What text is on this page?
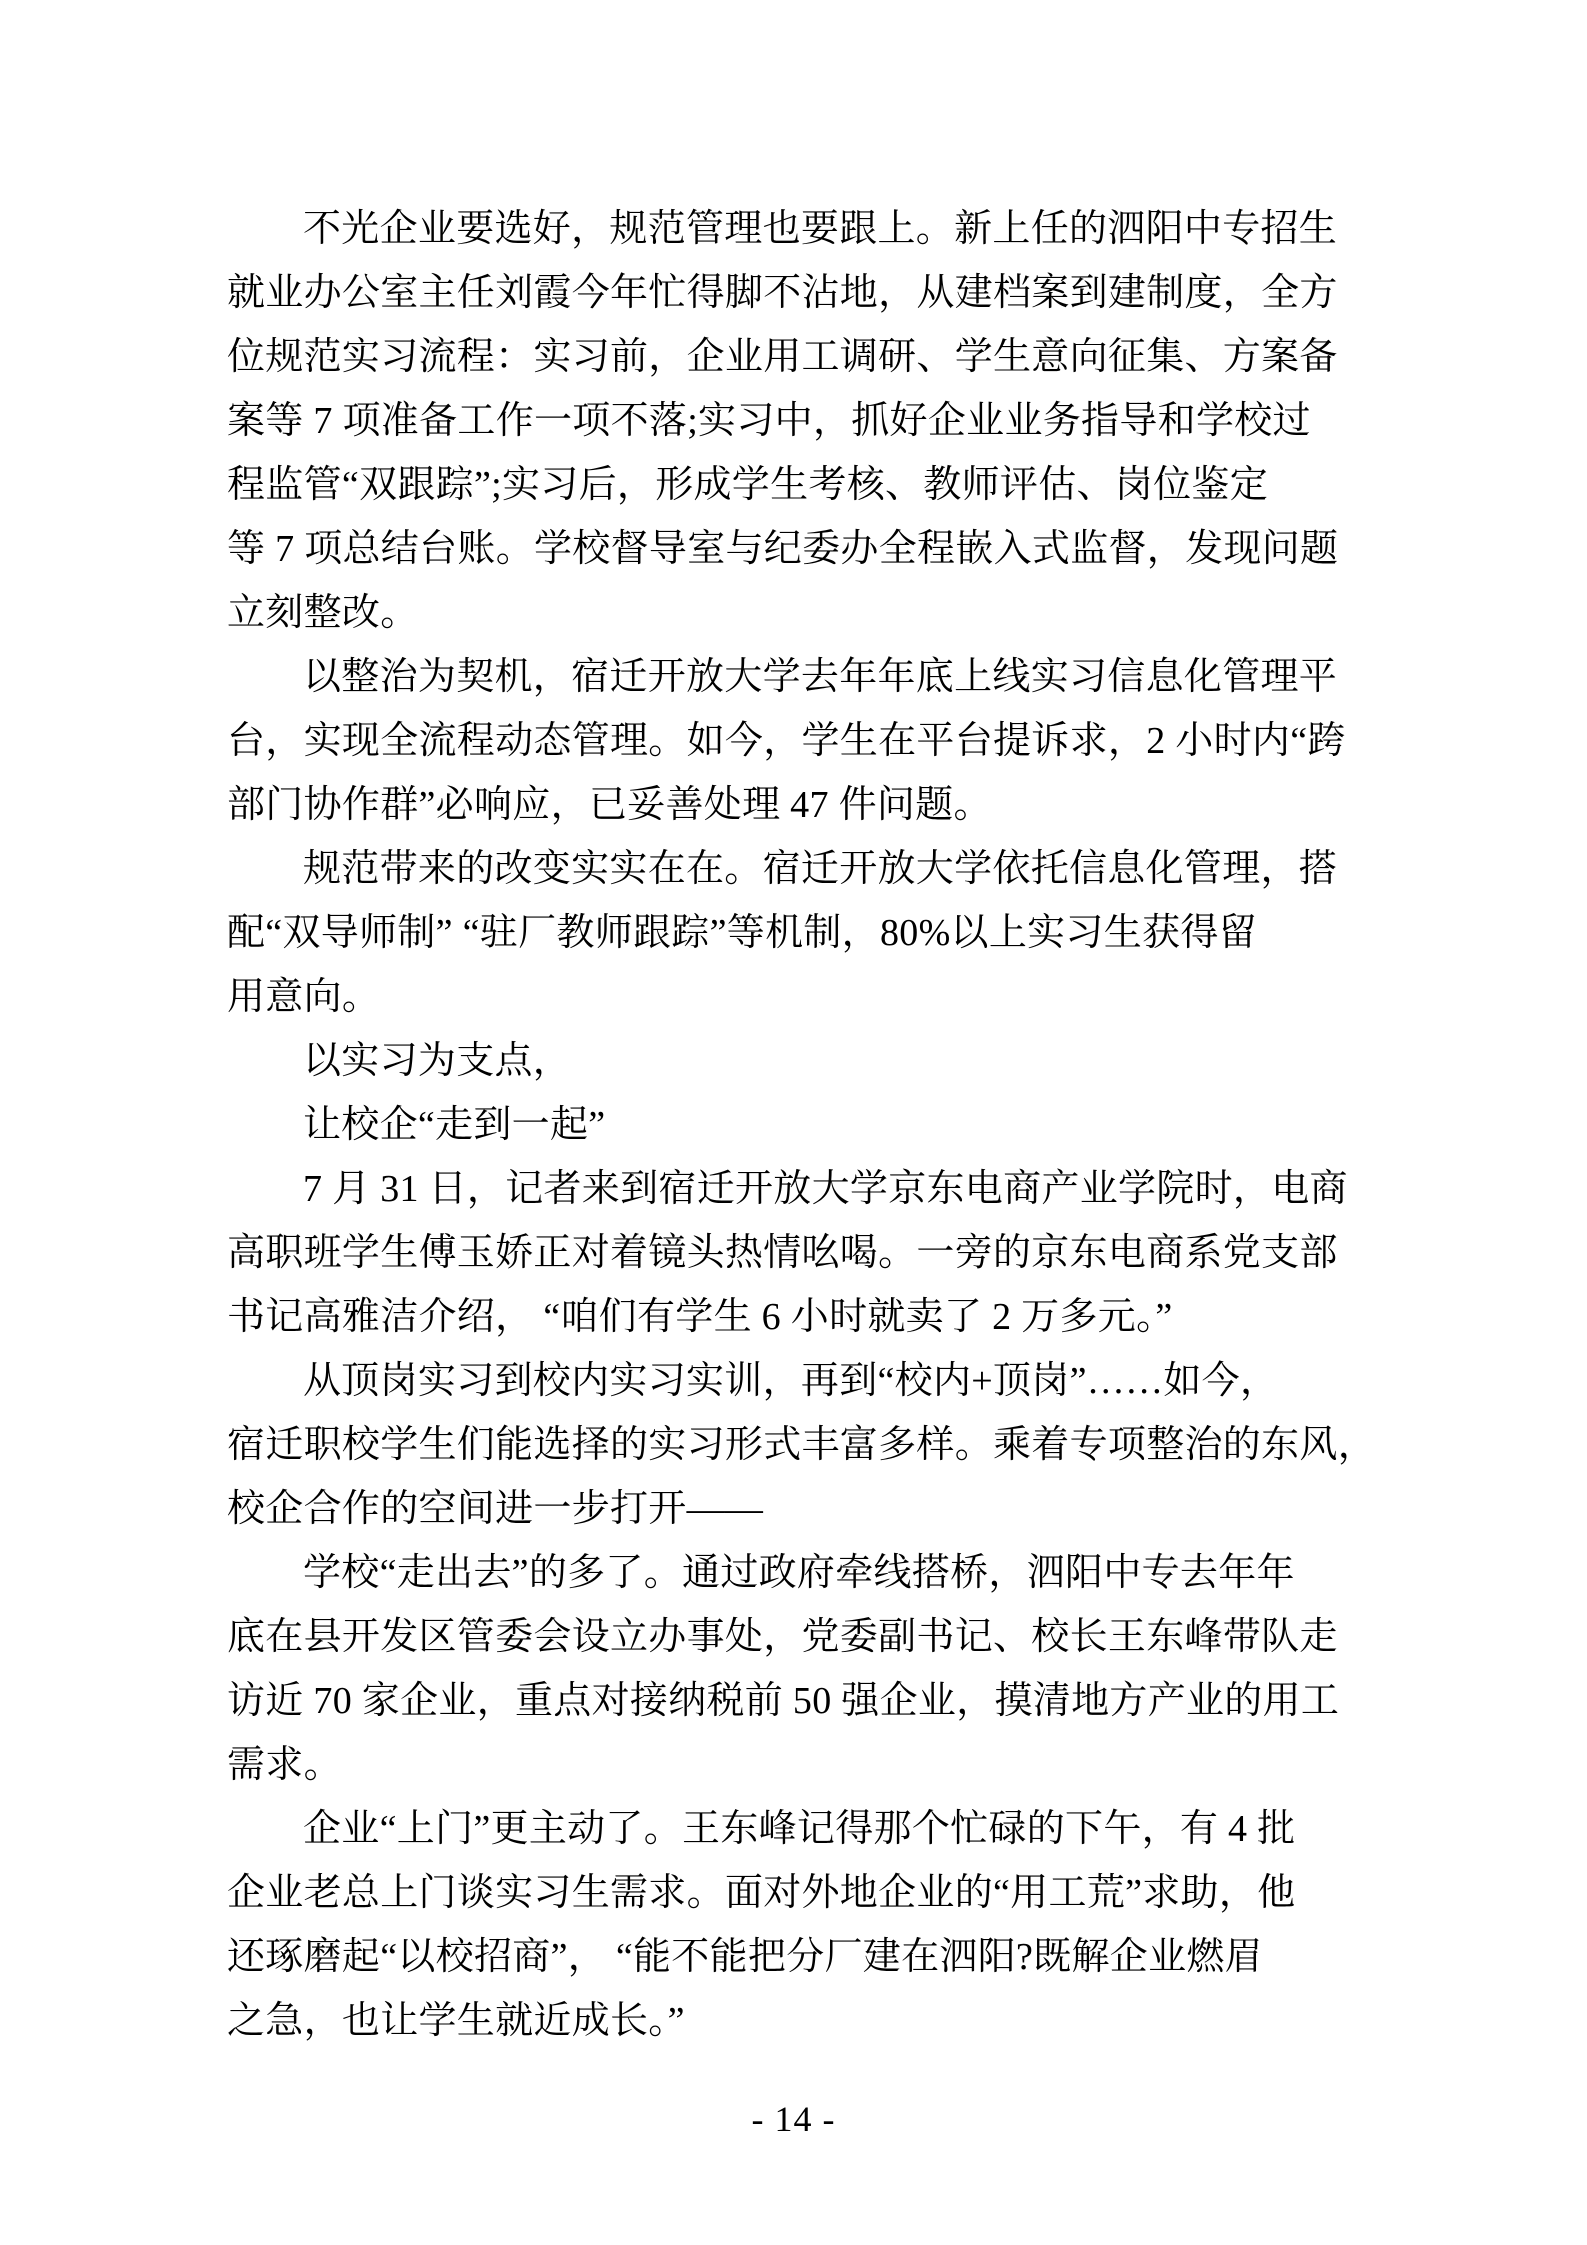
不光企业要选好，规范管理也要跟上。新上任的泗阳中专招生

就业办公室主任刘霞今年忙得脚不沾地，从建档案到建制度，全方

位规范实习流程：实习前，企业用工调研、学生意向征集、方案备

案等 7 项准备工作一项不落;实习中，抓好企业业务指导和学校过

程监管“双跟踪”;实习后，形成学生考核、教师评估、岗位鉴定

等 7 项总结台账。学校督导室与纪委办全程嵌入式监督，发现问题

立刻整改。

以整治为契机，宿迁开放大学去年年底上线实习信息化管理平

台，实现全流程动态管理。如今，学生在平台提诉求，2 小时内“跨

部门协作群”必响应，已妥善处理 47 件问题。

规范带来的改变实实在在。宿迁开放大学依托信息化管理，搭

配“双导师制” “驻厂教师跟踪”等机制，80%以上实习生获得留

用意向。

以实习为支点，

让校企“走到一起”

7 月 31 日，记者来到宿迁开放大学京东电商产业学院时，电商

高职班学生傅玉娇正对着镜头热情吆喝。一旁的京东电商系党支部

书记高雅洁介绍， “咱们有学生 6 小时就卖了 2 万多元。”

从顶岗实习到校内实习实训，再到“校内+顶岗”……如今，

宿迁职校学生们能选择的实习形式丰富多样。乘着专项整治的东风，

校企合作的空间进一步打开——

学校“走出去”的多了。通过政府牵线搭桥，泗阳中专去年年

底在县开发区管委会设立办事处，党委副书记、校长王东峰带队走

访近 70 家企业，重点对接纳税前 50 强企业，摸清地方产业的用工

需求。

企业“上门”更主动了。王东峰记得那个忙碌的下午，有 4 批

企业老总上门谈实习生需求。面对外地企业的“用工荒”求助，他

还琢磨起“以校招商”， “能不能把分厂建在泗阳?既解企业燃眉

之急，也让学生就近成长。”

- 14 -
